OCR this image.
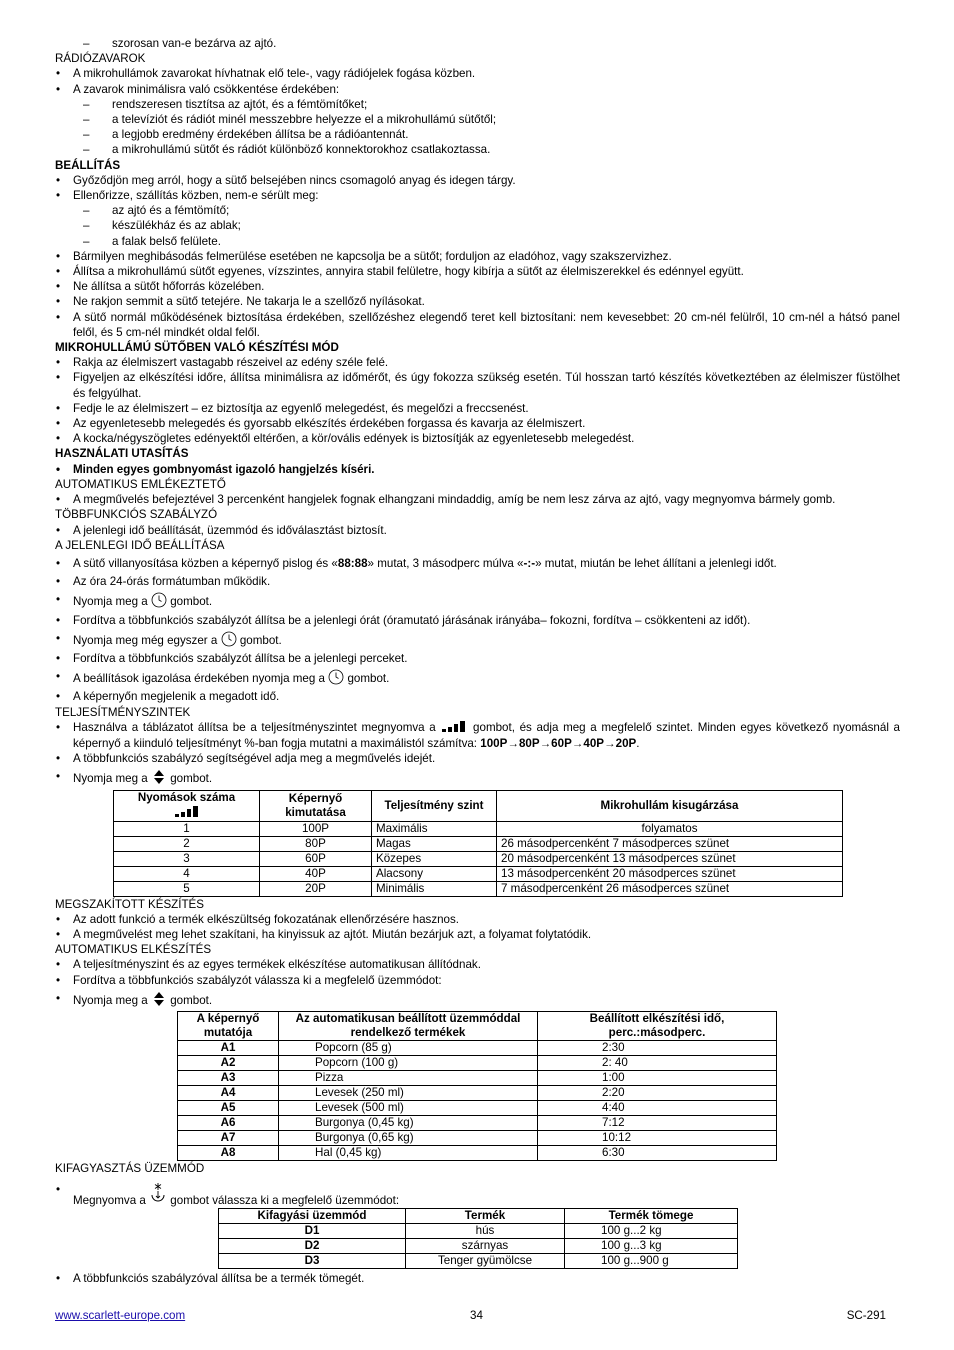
– szorosan van-e bezárva az ajtó.
RÁDIÓZAVAROK
• A mikrohullámok zavarokat hívhatnak elő tele-, vagy rádiójelek fogása közben.
• A zavarok minimálisra való csökkentése érdekében:
– rendszeresen tisztítsa az ajtót, és a fémtömítőket;
– a televíziót és rádiót minél messzebbre helyezze el a mikrohullámú sütőtől;
– a legjobb eredmény érdekében állítsa be a rádióantennát.
– a mikrohullámú sütőt és rádiót különböző konnektorokhoz csatlakoztassa.
BEÁLLÍTÁS
• Győződjön meg arról, hogy a sütő belsejében nincs csomagoló anyag és idegen tárgy.
• Ellenőrizze, szállítás közben, nem-e sérült meg:
– az ajtó és a fémtömítő;
– készülékház és az ablak;
– a falak belső felülete.
• Bármilyen meghibásodás felmerülése esetében ne kapcsolja be a sütőt; forduljon az eladóhoz, vagy szakszervizhez.
• Állítsa a mikrohullámú sütőt egyenes, vízszintes, annyira stabil felületre, hogy kibírja a sütőt az élelmiszerekkel és edénnyel együtt.
• Ne állítsa a sütőt hőforrás közelében.
• Ne rakjon semmit a sütő tetejére. Ne takarja le a szellőző nyílásokat.
• A sütő normál működésének biztosítása érdekében, szellőzéshez elegendő teret kell biztosítani: nem kevesebbet: 20 cm-nél felülről, 10 cm-nél a hátsó panel felől, és 5 cm-nél mindkét oldal felől.
MIKROHULLÁMÚ SÜTŐBEN VALÓ KÉSZÍTÉSI MÓD
• Rakja az élelmiszert vastagabb részeivel az edény széle felé.
• Figyeljen az elkészítési időre, állítsa minimálisra az időmérőt, és úgy fokozza szükség esetén. Túl hosszan tartó készítés következtében az élelmiszer füstölhet és felgyúlhat.
• Fedje le az élelmiszert – ez biztosítja az egyenlő melegedést, és megelőzi a freccsenést.
• Az egyenletesebb melegedés és gyorsabb elkészítés érdekében forgassa és kavarja az élelmiszert.
• A kocka/négyszögletes edényektől eltérően, a kör/ovális edények is biztosítják az egyenletesebb melegedést.
HASZNÁLATI UTASÍTÁS
• Minden egyes gombnyomást igazoló hangjelzés kíséri.
AUTOMATIKUS EMLÉKEZTETŐ
• A megművelés befejeztével 3 percenként hangjelek fognak elhangzani mindaddig, amíg be nem lesz zárva az ajtó, vagy megnyomva bármely gomb.
TÖBBFUNKCIÓS SZABÁLYZÓ
• A jelenlegi idő beállítását, üzemmód és időválasztást biztosít.
A JELENLEGI IDŐ BEÁLLÍTÁSA
• A sütő villanyosítása közben a képernyő pislog és «88:88» mutat, 3 másodperc múlva «-:-» mutat, miután be lehet állítani a jelenlegi időt.
• Az óra 24-órás formátumban működik.
• Nyomja meg a gombot.
• Fordítva a többfunkciós szabályzót állítsa be a jelenlegi órát (óramutató járásának irányába– fokozni, fordítva – csökkenteni az időt).
• Nyomja meg még egyszer a gombot.
• Fordítva a többfunkciós szabályzót állítsa be a jelenlegi perceket.
• A beállítások igazolása érdekében nyomja meg a gombot.
• A képernyőn megjelenik a megadott idő.
TELJESÍTMÉNYSZINTEK
• Használva a táblázatot állítsa be a teljesítményszintet megnyomva a	gombot, és adja meg a megfelelő szintet. Minden egyes következő nyomásnál a képernyő a kiinduló teljesítményt %-ban fogja mutatni a maximálistól számítva: 100P→80P→60P→40P→20P.
• A többfunkciós szabályzó segítségével adja meg a megművelés idejét.
• Nyomja meg a gombot.
Nyomások száma	Képernyő kimutatása	Teljesítmény szint	Mikrohullám kisugárzása
1	100P	Maximális	folyamatos
2	80P	Magas	26 másodpercenként 7 másodperces szünet
3	60P	Közepes	20 másodpercenként 13 másodperces szünet
4	40P	Alacsony	13 másodpercenként 20 másodperces szünet
5	20P	Minimális	7 másodpercenként 26 másodperces szünet
MEGSZAKÍTOTT KÉSZÍTÉS
• Az adott funkció a termék elkészültség fokozatának ellenőrzésére hasznos.
• A megművelést meg lehet szakítani, ha kinyissuk az ajtót. Miután bezárjuk azt, a folyamat folytatódik.
AUTOMATIKUS ELKÉSZÍTÉS
• A teljesítményszint és az egyes termékek elkészítése automatikusan állítódnak.
• Fordítva a többfunkciós szabályzót válassza ki a megfelelő üzemmódot:
• Nyomja meg a gombot.
A képernyő mutatója	Az automatikusan beállított üzemmóddal rendelkező termékek	Beállított elkészítési idő, perc.:másodperc.
A1	Popcorn (85 g)	2:30
A2	Popcorn (100 g)	2: 40
A3	Pizza	1:00
A4	Levesek (250 ml)	2:20
A5	Levesek (500 ml)	4:40
A6	Burgonya (0,45 kg)	7:12
A7	Burgonya (0,65 kg)	10:12
A8	Hal (0,45 kg)	6:30
KIFAGYASZTÁS ÜZEMMÓD
• Megnyomva a gombot válassza ki a megfelelő üzemmódot:
Kifagyási üzemmód	Termék	Termék tömege
D1	hús	100 g...2 kg
D2	szárnyas	100 g...3 kg
D3	Tenger gyümölcse	100 g...900 g
• A többfunkciós szabályzóval állítsa be a termék tömegét.
www.scarlett-europe.com	34	SC-291
